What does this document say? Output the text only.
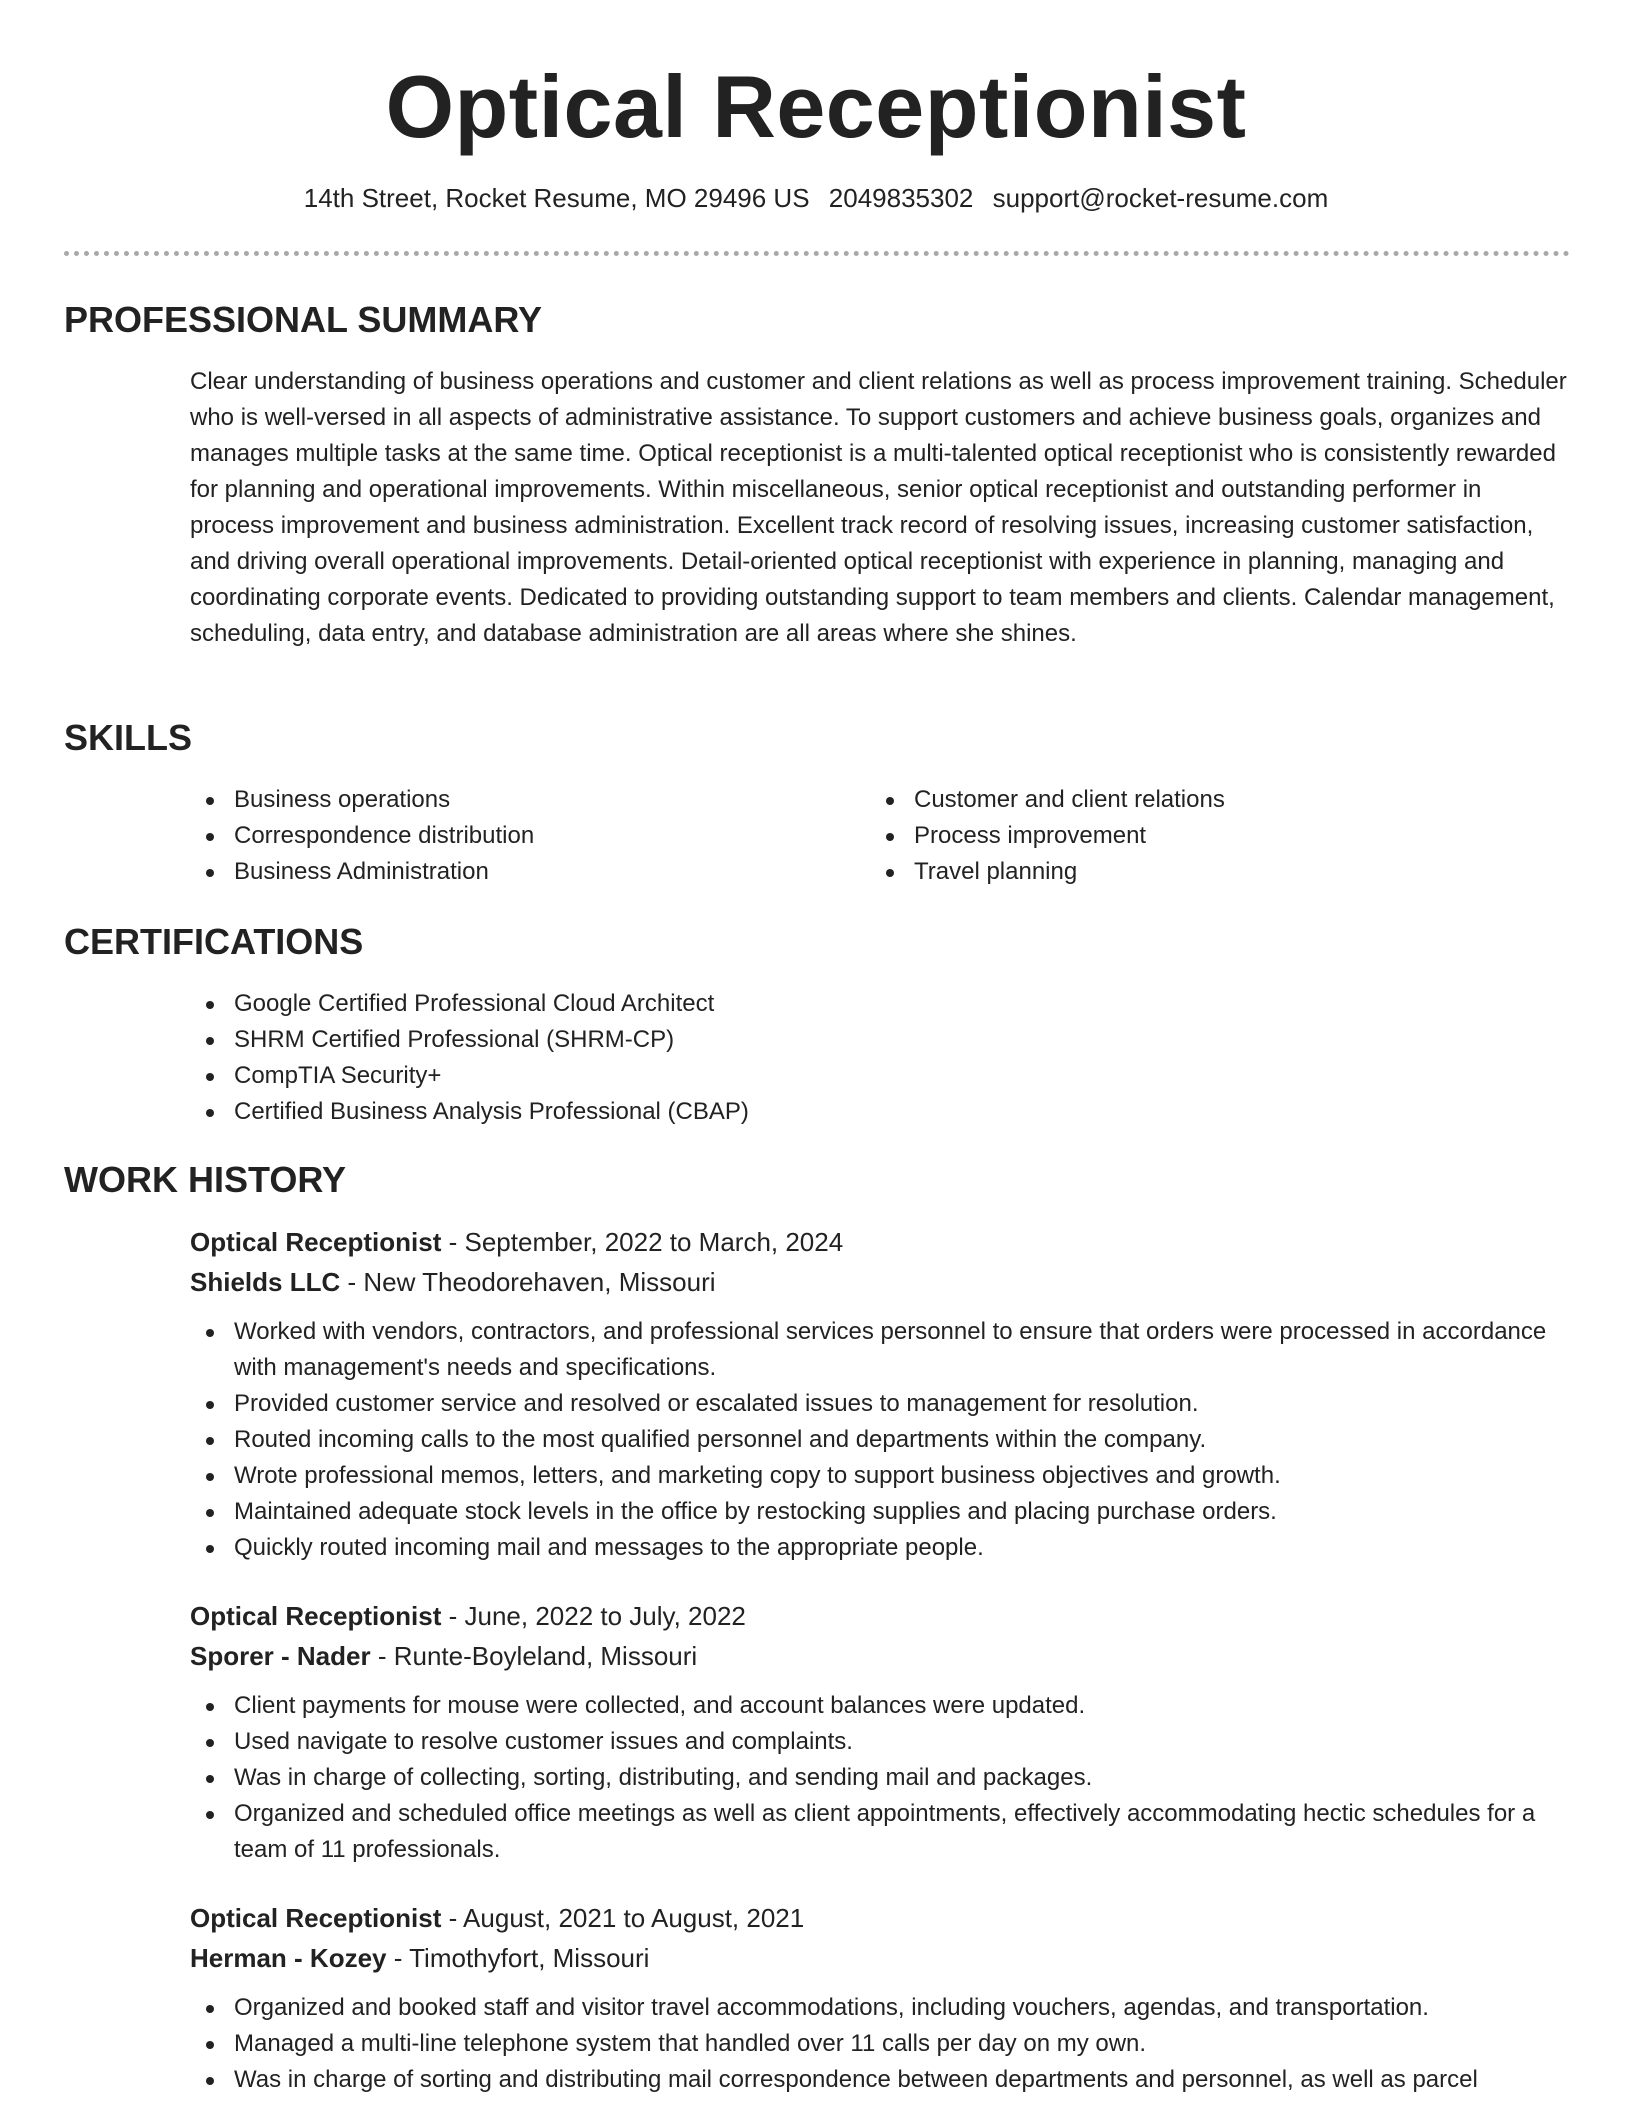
Optical Receptionist
14th Street, Rocket Resume, MO 29496 US 2049835302 support@rocket-resume.com
PROFESSIONAL SUMMARY

Clear understanding of business operations and customer and client relations as well as process improvement training. Scheduler who is well-versed in all aspects of administrative assistance. To support customers and achieve business goals, organizes and manages multiple tasks at the same time. Optical receptionist is a multi-talented optical receptionist who is consistently rewarded for planning and operational improvements. Within miscellaneous, senior optical receptionist and outstanding performer in process improvement and business administration. Excellent track record of resolving issues, increasing customer satisfaction, and driving overall operational improvements. Detail-oriented optical receptionist with experience in planning, managing and coordinating corporate events. Dedicated to providing outstanding support to team members and clients. Calendar management, scheduling, data entry, and database administration are all areas where she shines.

SKILLS
Business operations
Correspondence distribution
Business Administration
Customer and client relations
Process improvement
Travel planning
CERTIFICATIONS
Google Certified Professional Cloud Architect
SHRM Certified Professional (SHRM-CP)
CompTIA Security+
Certified Business Analysis Professional (CBAP)
WORK HISTORY
Optical Receptionist - September, 2022 to March, 2024
Shields LLC - New Theodorehaven, Missouri
Worked with vendors, contractors, and professional services personnel to ensure that orders were processed in accordance with management's needs and specifications.
Provided customer service and resolved or escalated issues to management for resolution.
Routed incoming calls to the most qualified personnel and departments within the company.
Wrote professional memos, letters, and marketing copy to support business objectives and growth.
Maintained adequate stock levels in the office by restocking supplies and placing purchase orders.
Quickly routed incoming mail and messages to the appropriate people.
Optical Receptionist - June, 2022 to July, 2022
Sporer - Nader - Runte-Boyleland, Missouri
Client payments for mouse were collected, and account balances were updated.
Used navigate to resolve customer issues and complaints.
Was in charge of collecting, sorting, distributing, and sending mail and packages.
Organized and scheduled office meetings as well as client appointments, effectively accommodating hectic schedules for a team of 11 professionals.
Optical Receptionist - August, 2021 to August, 2021
Herman - Kozey - Timothyfort, Missouri
Organized and booked staff and visitor travel accommodations, including vouchers, agendas, and transportation.
Managed a multi-line telephone system that handled over 11 calls per day on my own.
Was in charge of sorting and distributing mail correspondence between departments and personnel, as well as parcel
